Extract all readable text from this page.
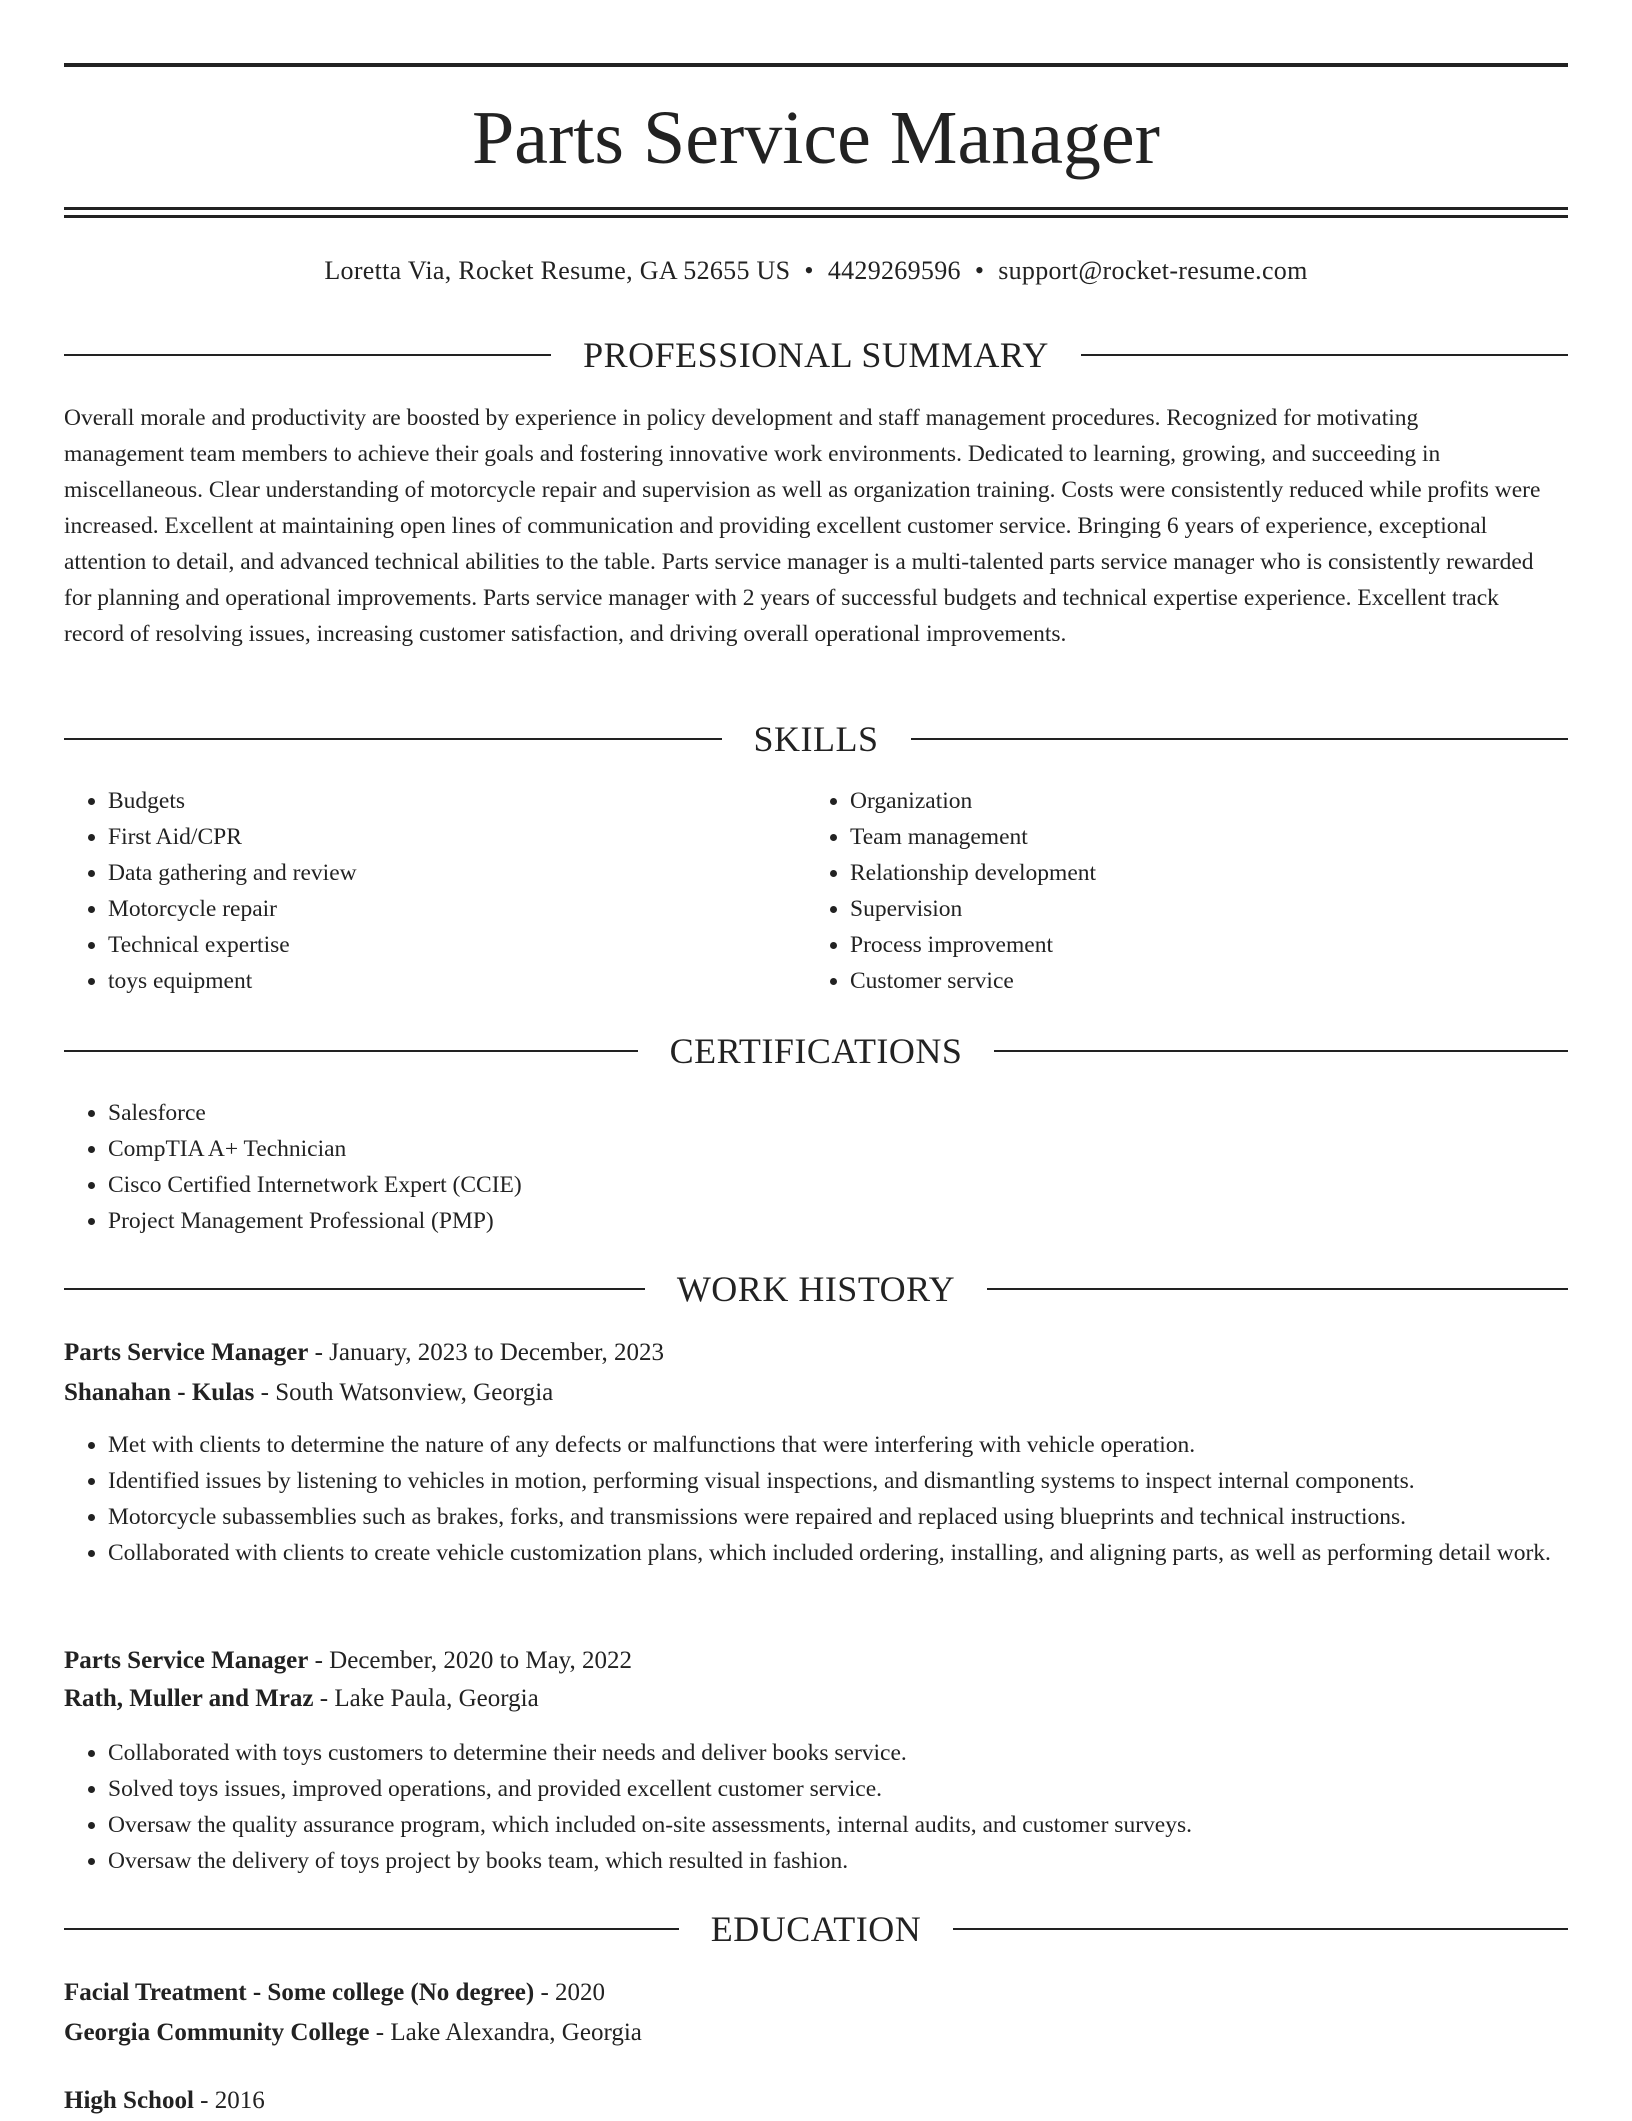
Parts Service Manager
Loretta Via, Rocket Resume, GA 52655 US • 4429269596 • support@rocket-resume.com
PROFESSIONAL SUMMARY

Overall morale and productivity are boosted by experience in policy development and staff management procedures. Recognized for motivating management team members to achieve their goals and fostering innovative work environments. Dedicated to learning, growing, and succeeding in miscellaneous. Clear understanding of motorcycle repair and supervision as well as organization training. Costs were consistently reduced while profits were increased. Excellent at maintaining open lines of communication and providing excellent customer service. Bringing 6 years of experience, exceptional attention to detail, and advanced technical abilities to the table. Parts service manager is a multi-talented parts service manager who is consistently rewarded for planning and operational improvements. Parts service manager with 2 years of successful budgets and technical expertise experience. Excellent track record of resolving issues, increasing customer satisfaction, and driving overall operational improvements.

SKILLS
• Budgets
• First Aid/CPR
• Data gathering and review
• Motorcycle repair
• Technical expertise
• toys equipment
• Organization
• Team management
• Relationship development
• Supervision
• Process improvement
• Customer service
CERTIFICATIONS
• Salesforce
• CompTIA A+ Technician
• Cisco Certified Internetwork Expert (CCIE)
• Project Management Professional (PMP)
WORK HISTORY

Parts Service Manager - January, 2023 to December, 2023

Shanahan - Kulas - South Watsonview, Georgia

• Met with clients to determine the nature of any defects or malfunctions that were interfering with vehicle operation.
• Identified issues by listening to vehicles in motion, performing visual inspections, and dismantling systems to inspect internal components.
• Motorcycle subassemblies such as brakes, forks, and transmissions were repaired and replaced using blueprints and technical instructions.
• Collaborated with clients to create vehicle customization plans, which included ordering, installing, and aligning parts, as well as performing detail work.

Parts Service Manager - December, 2020 to May, 2022

Rath, Muller and Mraz - Lake Paula, Georgia

• Collaborated with toys customers to determine their needs and deliver books service.
• Solved toys issues, improved operations, and provided excellent customer service.
• Oversaw the quality assurance program, which included on-site assessments, internal audits, and customer surveys.
• Oversaw the delivery of toys project by books team, which resulted in fashion.
EDUCATION

Facial Treatment - Some college (No degree) - 2020

Georgia Community College - Lake Alexandra, Georgia

High School - 2016
